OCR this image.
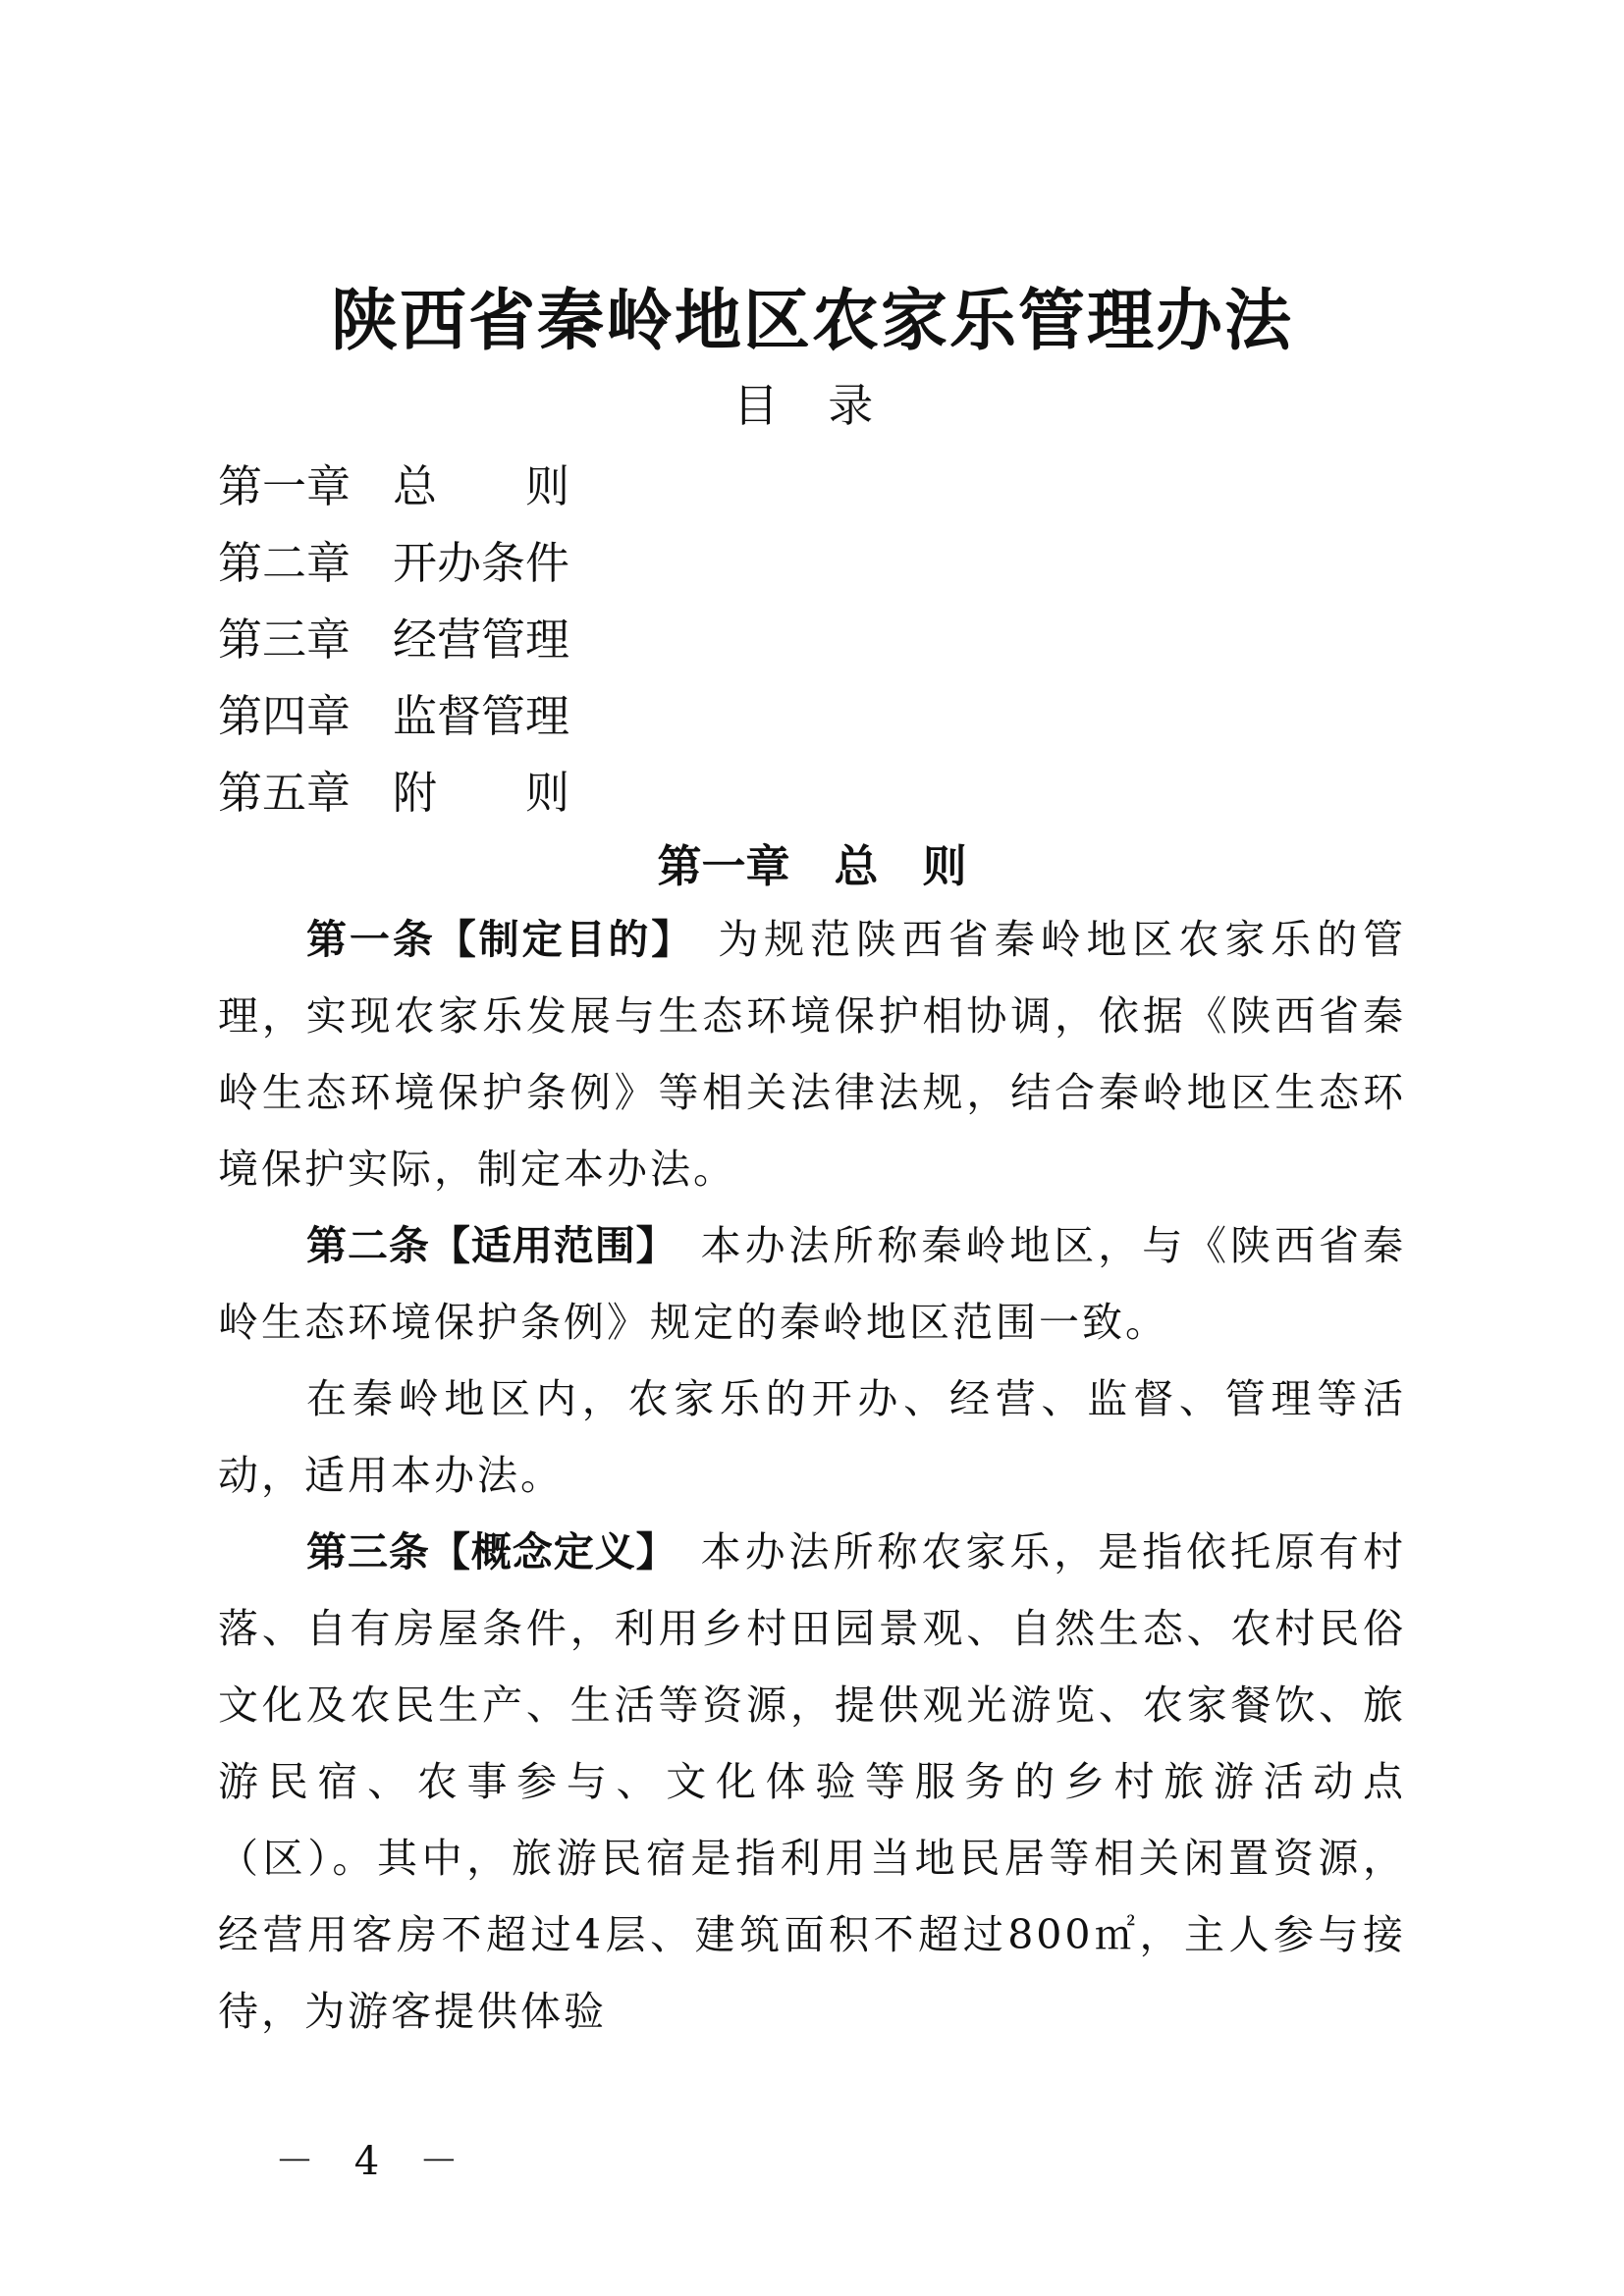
陕西省秦岭地区农家乐管理办法
目 录
第一章 总　　则
第二章 开办条件
第三章 经营管理
第四章 监督管理
第五章 附　　则
第一章　总　则

第一条【制定目的】 为规范陕西省秦岭地区农家乐的管理，实现农家乐发展与生态环境保护相协调，依据《陕西省秦岭生态环境保护条例》等相关法律法规，结合秦岭地区生态环境保护实际，制定本办法。

第二条【适用范围】 本办法所称秦岭地区，与《陕西省秦岭生态环境保护条例》规定的秦岭地区范围一致。

在秦岭地区内，农家乐的开办、经营、监督、管理等活动，适用本办法。

第三条【概念定义】 本办法所称农家乐，是指依托原有村落、自有房屋条件，利用乡村田园景观、自然生态、农村民俗文化及农民生产、生活等资源，提供观光游览、农家餐饮、旅游民宿、农事参与、文化体验等服务的乡村旅游活动点（区）。其中，旅游民宿是指利用当地民居等相关闲置资源，经营用客房不超过4层、建筑面积不超过800㎡，主人参与接待，为游客提供体验

－ 4 －
